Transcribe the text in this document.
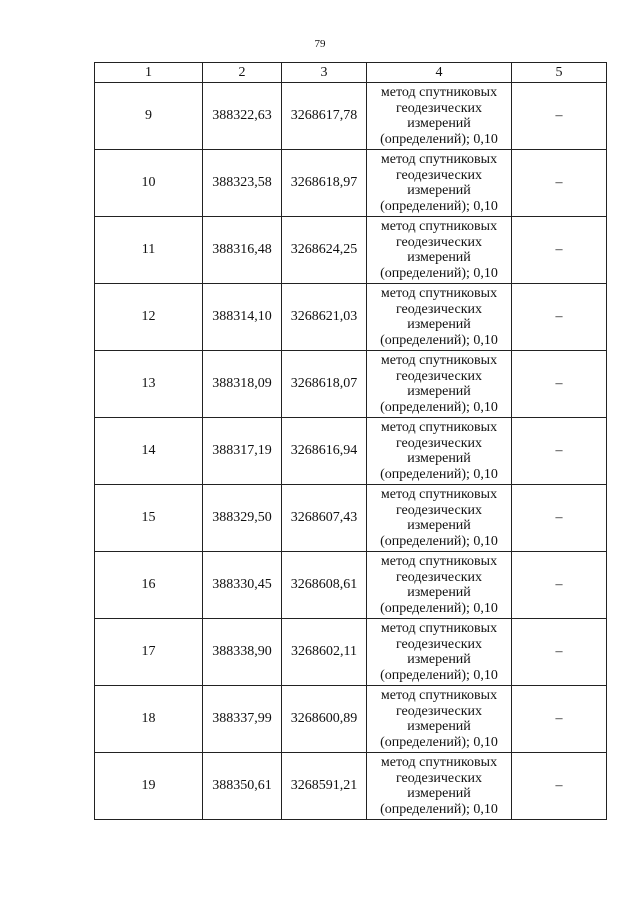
79
1	2	3	4	5
9	388322,63	3268617,78	метод спутниковых
геодезических
измерений
(определений); 0,10	–
10	388323,58	3268618,97	метод спутниковых
геодезических
измерений
(определений); 0,10	–
11	388316,48	3268624,25	метод спутниковых
геодезических
измерений
(определений); 0,10	–
12	388314,10	3268621,03	метод спутниковых
геодезических
измерений
(определений); 0,10	–
13	388318,09	3268618,07	метод спутниковых
геодезических
измерений
(определений); 0,10	–
14	388317,19	3268616,94	метод спутниковых
геодезических
измерений
(определений); 0,10	–
15	388329,50	3268607,43	метод спутниковых
геодезических
измерений
(определений); 0,10	–
16	388330,45	3268608,61	метод спутниковых
геодезических
измерений
(определений); 0,10	–
17	388338,90	3268602,11	метод спутниковых
геодезических
измерений
(определений); 0,10	–
18	388337,99	3268600,89	метод спутниковых
геодезических
измерений
(определений); 0,10	–
19	388350,61	3268591,21	метод спутниковых
геодезических
измерений
(определений); 0,10	–
